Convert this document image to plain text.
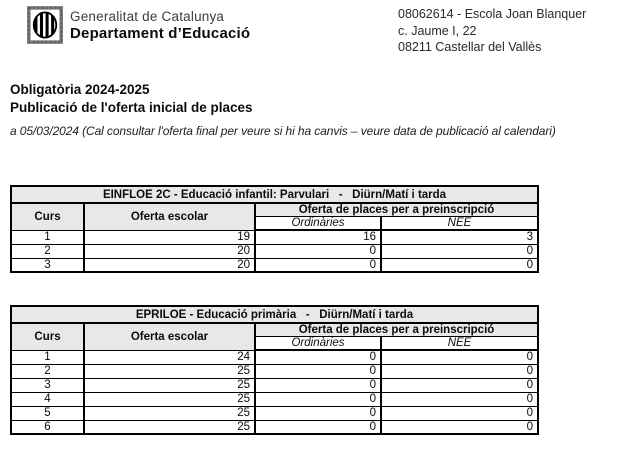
Generalitat de Catalunya
Departament d’Educació
08062614 - Escola Joan Blanquer
c. Jaume I, 22
08211 Castellar del Vallès
Obligatòria 2024-2025
Publicació de l'oferta inicial de places
a 05/03/2024 (Cal consultar l'oferta final per veure si hi ha canvis – veure data de publicació al calendari)
EINFLOE 2C - Educació infantil: Parvulari   -   Diürn/Matí i tarda			
Curs	Oferta escolar	Oferta de places per a preinscripció	
		Ordinàries	NEE
1	19	16	3
2	20	0	0
3	20	0	0
EPRILOE - Educació primària   -   Diürn/Matí i tarda			
Curs	Oferta escolar	Oferta de places per a preinscripció	
		Ordinàries	NEE
1	24	0	0
2	25	0	0
3	25	0	0
4	25	0	0
5	25	0	0
6	25	0	0
